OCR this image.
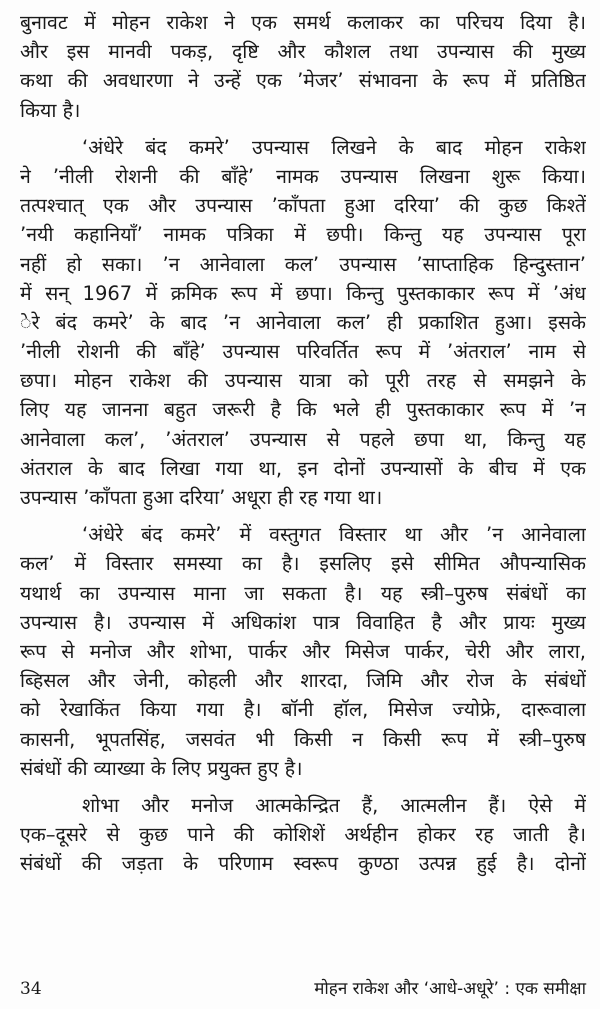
बुनावट में मोहन राकेश ने एक समर्थ कलाकर का परिचय दिया है।
और इस मानवी पकड़, दृष्टि और कौशल तथा उपन्यास की मुख्य
कथा की अवधारणा ने उन्हें एक ’मेजर’ संभावना के रूप में प्रतिष्ठित
किया है।
‘अंधेरे बंद कमरे’ उपन्यास लिखने के बाद मोहन राकेश
ने ’नीली रोशनी की बाँहे’ नामक उपन्यास लिखना शुरू किया।
तत्पश्चात् एक और उपन्यास ’काँपता हुआ दरिया’ की कुछ किश्तें
’नयी कहानियाँ’ नामक पत्रिका में छपी। किन्तु यह उपन्यास पूरा
नहीं हो सका। ’न आनेवाला कल’ उपन्यास ’साप्ताहिक हिन्दुस्तान’
में सन् 1967 में क्रमिक रूप में छपा। किन्तु पुस्तकाकार रूप में ’अंध
ेरे बंद कमरे’ के बाद ’न आनेवाला कल’ ही प्रकाशित हुआ। इसके
’नीली रोशनी की बाँहे’ उपन्यास परिवर्तित रूप में ’अंतराल’ नाम से
छपा। मोहन राकेश की उपन्यास यात्रा को पूरी तरह से समझने के
लिए यह जानना बहुत जरूरी है कि भले ही पुस्तकाकार रूप में ’न
आनेवाला कल’, ’अंतराल’ उपन्यास से पहले छपा था, किन्तु यह
अंतराल के बाद लिखा गया था, इन दोनों उपन्यासों के बीच में एक
उपन्यास ’काँपता हुआ दरिया’ अधूरा ही रह गया था।
‘अंधेरे बंद कमरे’ में वस्तुगत विस्तार था और ’न आनेवाला
कल’ में विस्तार समस्या का है। इसलिए इसे सीमित औपन्यासिक
यथार्थ का उपन्यास माना जा सकता है। यह स्त्री–पुरुष संबंधों का
उपन्यास है। उपन्यास में अधिकांश पात्र विवाहित है और प्रायः मुख्य
रूप से मनोज और शोभा, पार्कर और मिसेज पार्कर, चेरी और लारा,
ब्हिसल और जेनी, कोहली और शारदा, जिमि और रोज के संबंधों
को रेखाकिंत किया गया है। बॉनी हॉल, मिसेज ज्योफ्रे, दारूवाला
कासनी, भूपतसिंह, जसवंत भी किसी न किसी रूप में स्त्री–पुरुष
संबंधों की व्याख्या के लिए प्रयुक्त हुए है।
शोभा और मनोज आत्मकेन्द्रित हैं, आत्मलीन हैं। ऐसे में
एक–दूसरे से कुछ पाने की कोशिशें अर्थहीन होकर रह जाती है।
संबंधों की जड़ता के परिणाम स्वरूप कुण्ठा उत्पन्न हुई है। दोनों
34	मोहन राकेश और ‘आधे-अधूरे’ : एक समीक्षा
